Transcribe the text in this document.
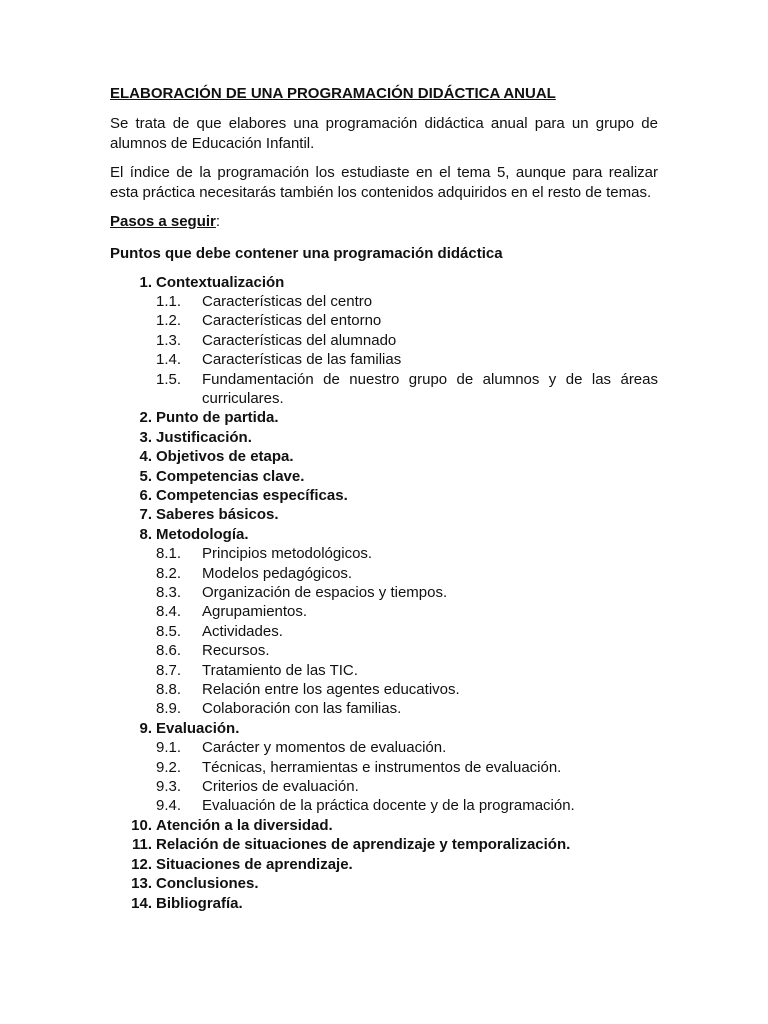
ELABORACIÓN DE UNA PROGRAMACIÓN DIDÁCTICA ANUAL

Se trata de que elabores una programación didáctica anual para un grupo de alumnos de Educación Infantil.

El índice de la programación los estudiaste en el tema 5, aunque para realizar esta práctica necesitarás también los contenidos adquiridos en el resto de temas.

Pasos a seguir:
Puntos que debe contener una programación didáctica
1. Contextualización
1.1. Características del centro
1.2. Características del entorno
1.3. Características del alumnado
1.4. Características de las familias
1.5. Fundamentación de nuestro grupo de alumnos y de las áreas curriculares.
2. Punto de partida.
3. Justificación.
4. Objetivos de etapa.
5. Competencias clave.
6. Competencias específicas.
7. Saberes básicos.
8. Metodología.
8.1. Principios metodológicos.
8.2. Modelos pedagógicos.
8.3. Organización de espacios y tiempos.
8.4. Agrupamientos.
8.5. Actividades.
8.6. Recursos.
8.7. Tratamiento de las TIC.
8.8. Relación entre los agentes educativos.
8.9. Colaboración con las familias.
9. Evaluación.
9.1. Carácter y momentos de evaluación.
9.2. Técnicas, herramientas e instrumentos de evaluación.
9.3. Criterios de evaluación.
9.4. Evaluación de la práctica docente y de la programación.
10. Atención a la diversidad.
11. Relación de situaciones de aprendizaje y temporalización.
12. Situaciones de aprendizaje.
13. Conclusiones.
14. Bibliografía.
